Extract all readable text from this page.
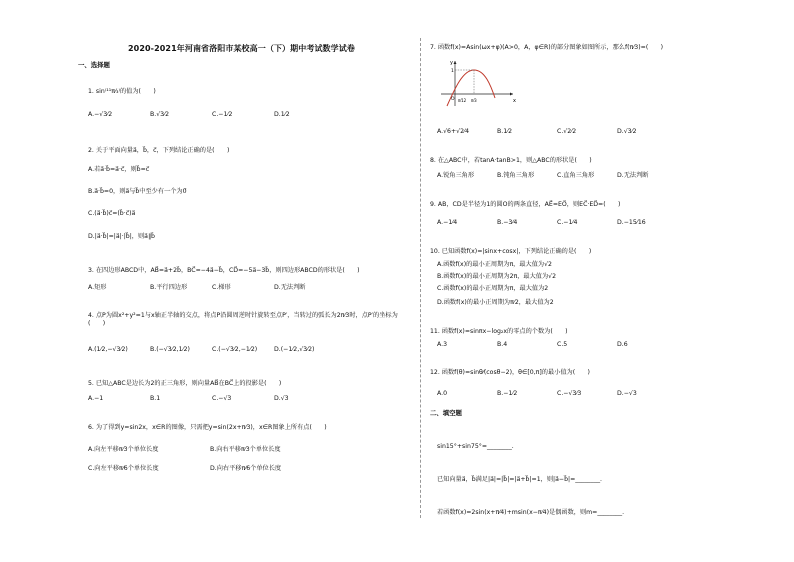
2020-2021年河南省洛阳市某校高一（下）期中考试数学试卷
一、选择题
1. sin⁽¹¹π⁄₃⁾的值为(　　)
A.−√3⁄2	B.√3⁄2	C.−1⁄2	D.1⁄2
2. 关于平面向量a⃗，b⃗，c⃗，下列结论正确的是(　　)
A.若a⃗·b⃗=a⃗·c⃗，则b⃗=c⃗
B.a⃗·b⃗=0，则a⃗与b⃗中至少有一个为0⃗
C.(a⃗·b⃗)c⃗=(b⃗·c⃗)a⃗
D.|a⃗·b⃗|=|a⃗|·|b⃗|，则a⃗∥b⃗
3. 在四边形ABCD中，AB⃗=a⃗+2b⃗，BC⃗=−4a⃗−b⃗，CD⃗=−5a⃗−3b⃗，则四边形ABCD的形状是(　　)
A.矩形	B.平行四边形	C.梯形	D.无法判断
4. 点P为圆x²+y²=1与x轴正半轴的交点，将点P沿圆周逆时针旋转至点P′，当转过的弧长为2π⁄3时，点P′的坐标为(　　)
A.(1⁄2,−√3⁄2)	B.(−√3⁄2,1⁄2)	C.(−√3⁄2,−1⁄2)	D.(−1⁄2,√3⁄2)
5. 已知△ABC是边长为2的正三角形，则向量AB⃗在BC⃗上的投影是(　　)
A.−1	B.1	C.−√3	D.√3
6. 为了得到y=sin2x，x∈R的图像，只需把y=sin(2x+π⁄3)，x∈R图象上所有点(　　)
A.向左平移π⁄3个单位长度	B.向右平移π⁄3个单位长度
C.向左平移π⁄6个单位长度	D.向右平移π⁄6个单位长度
7. 函数f(x)=Asin(ωx+φ)(A>0，A，φ∈R)的部分图象如图所示，那么f(π⁄3)=(　　)
x
y
O
1
π⁄12 π⁄3
A.√6+√2⁄4	B.1⁄2	C.√2⁄2	D.√3⁄2
8. 在△ABC中，若tanA·tanB>1，则△ABC的形状是(　　)
A.锐角三角形	B.钝角三角形	C.直角三角形	D.无法判断
9. AB，CD是半径为1的圆O的两条直径，AE⃗=EO⃗，则EC⃗·ED⃗=(　　)
A.−1⁄4	B.−3⁄4	C.−1⁄4	D.−15⁄16
10. 已知函数f(x)=|sinx+cosx|，下列结论正确的是(　　)
A.函数f(x)的最小正周期为π，最大值为√2
B.函数f(x)的最小正周期为2π，最大值为√2
C.函数f(x)的最小正周期为π，最大值为2
D.函数f(x)的最小正周期为π⁄2，最大值为2
11. 函数f(x)=sinπx−log₂x的零点的个数为(　　)
A.3	B.4	C.5	D.6
12. 函数f(θ)=sinθ⁄(cosθ−2)，θ∈[0,π]的最小值为(　　)
A.0	B.−1⁄2	C.−√3⁄3	D.−√3
二、填空题
sin15°+sin75°=________.
已知向量a⃗，b⃗满足|a⃗|=|b⃗|=|a⃗+b⃗|=1，则|a⃗−b⃗|=________.
若函数f(x)=2sin(x+π⁄4)+msin(x−π⁄4)是偶函数，则m=________.
